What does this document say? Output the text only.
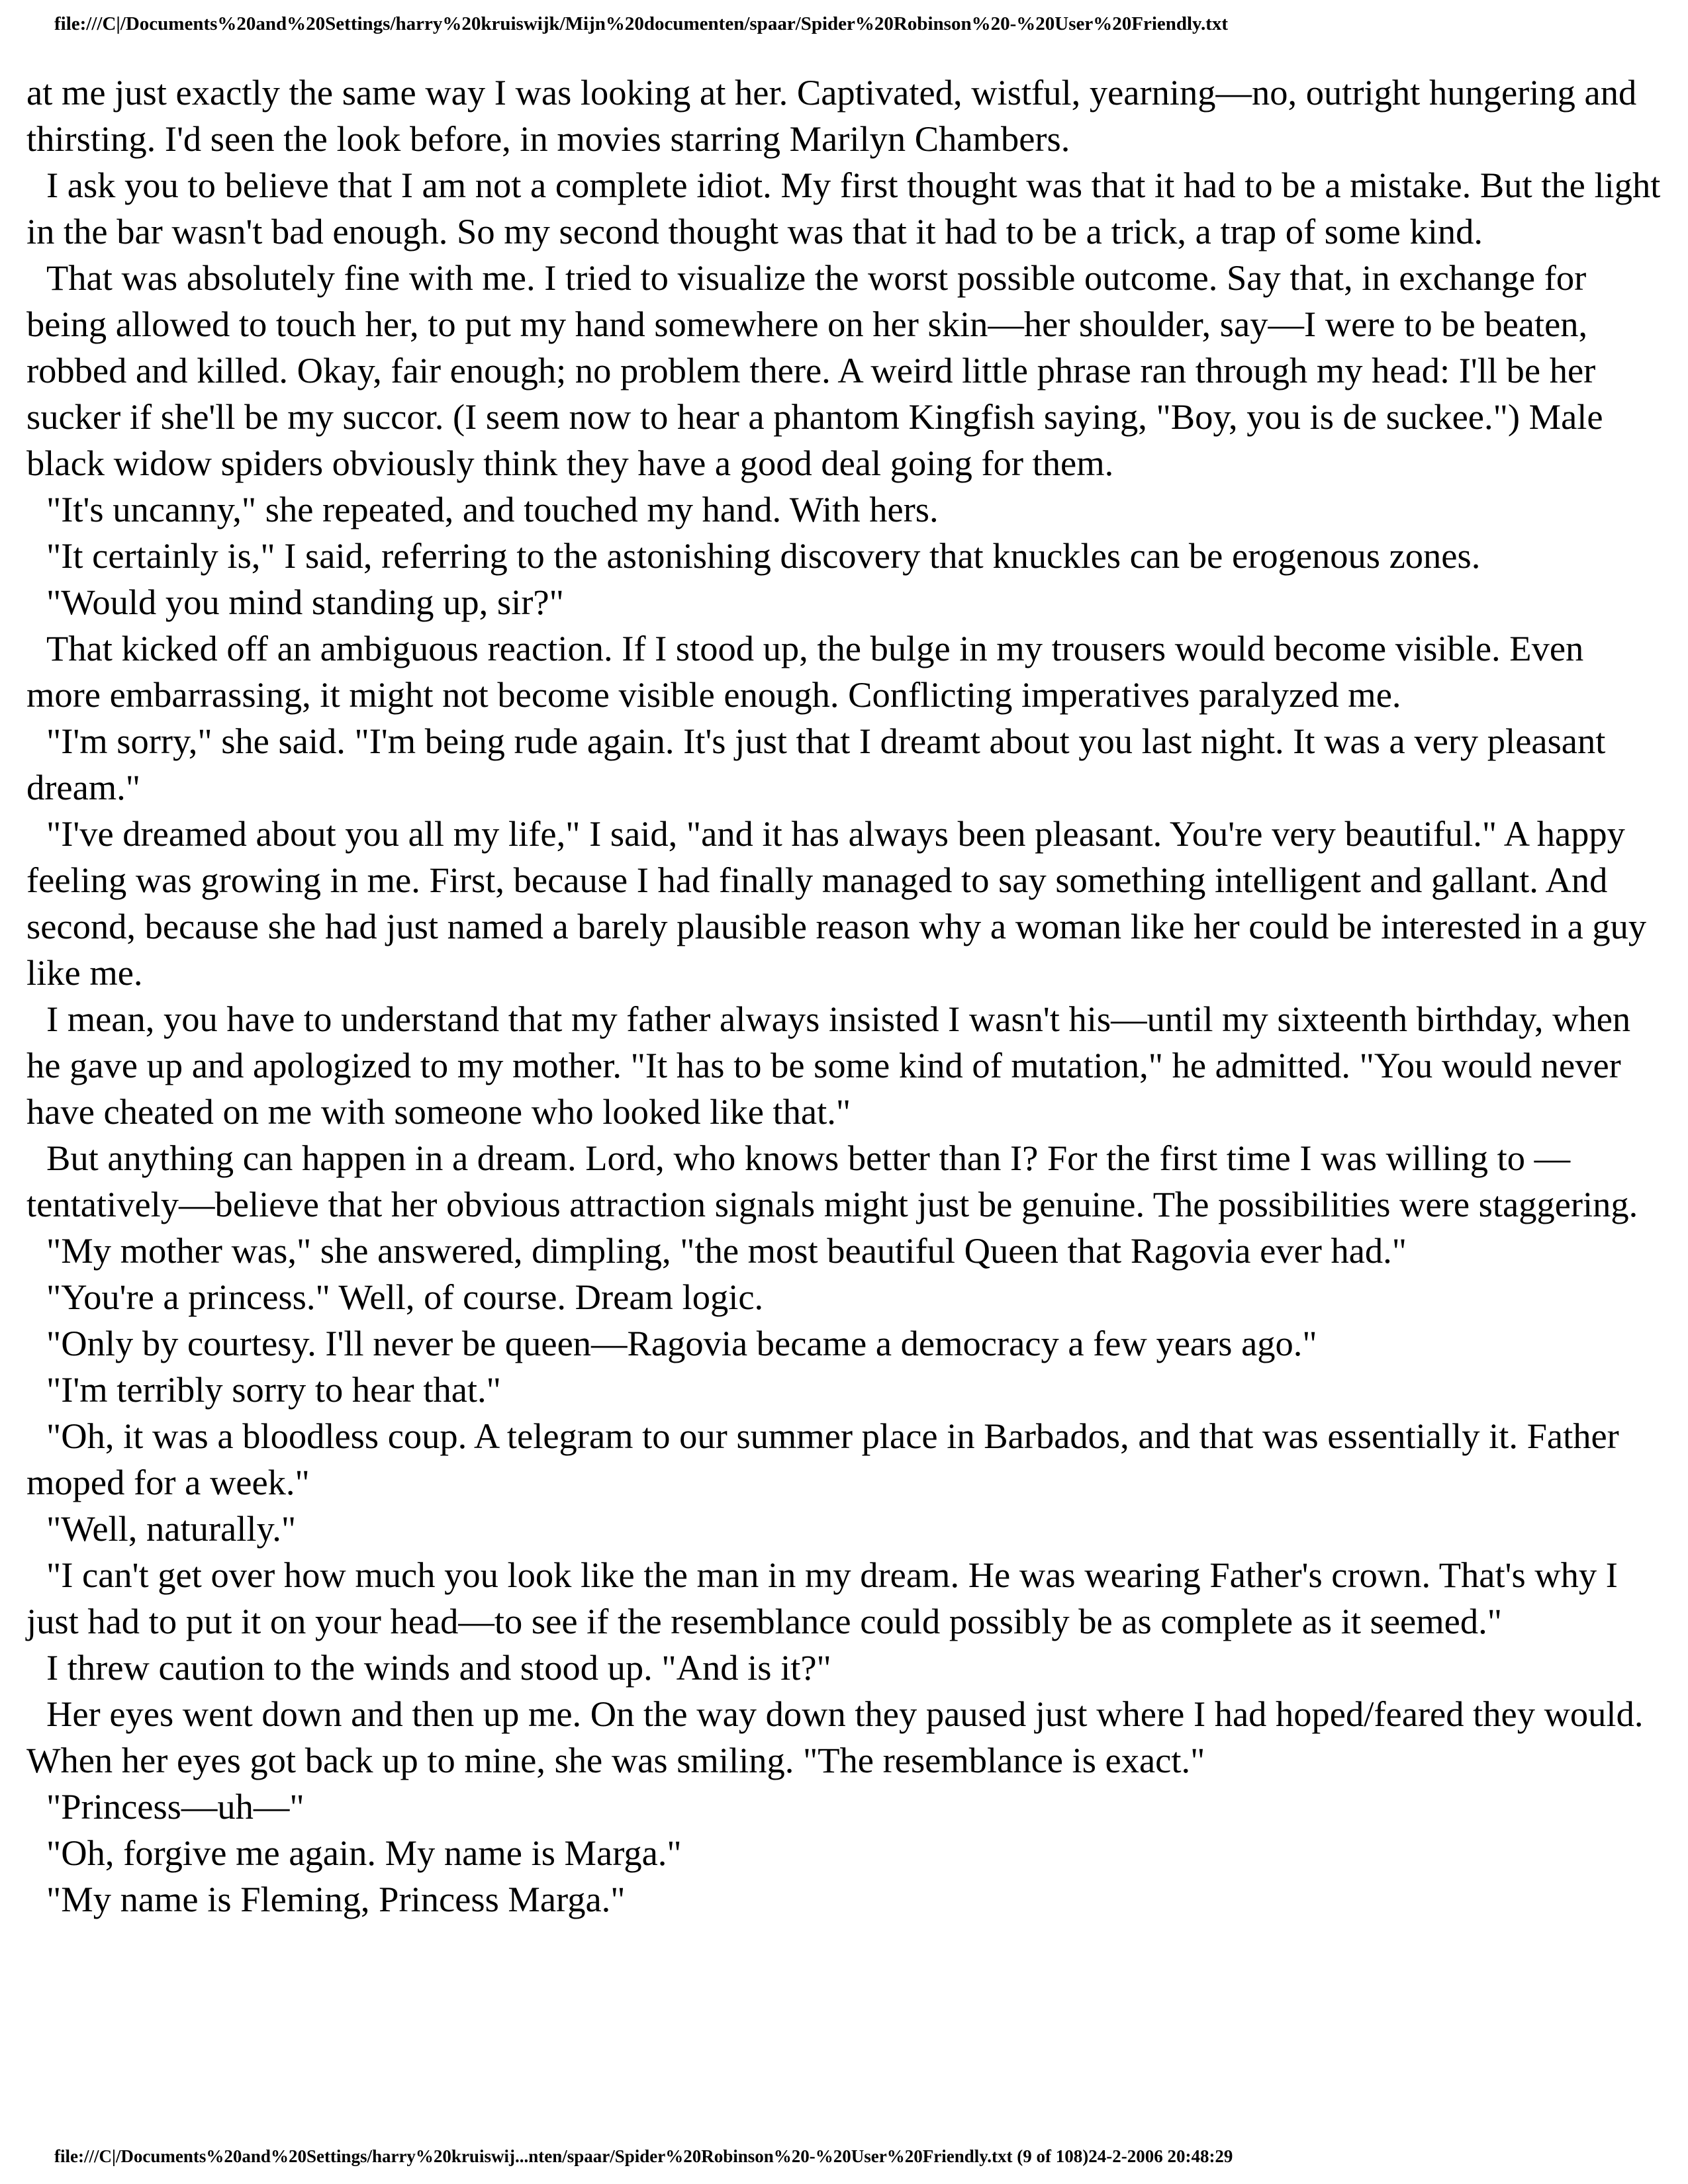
file:///C|/Documents%20and%20Settings/harry%20kruiswijk/Mijn%20documenten/spaar/Spider%20Robinson%20-%20User%20Friendly.txt

at me just exactly the same way I was looking at her. Captivated, wistful, yearning—no, outright hungering and thirsting. I'd seen the look before, in movies starring Marilyn Chambers.

I ask you to believe that I am not a complete idiot. My first thought was that it had to be a mistake. But the light in the bar wasn't bad enough. So my second thought was that it had to be a trick, a trap of some kind.

That was absolutely fine with me. I tried to visualize the worst possible outcome. Say that, in exchange for being allowed to touch her, to put my hand somewhere on her skin—her shoulder, say—I were to be beaten, robbed and killed. Okay, fair enough; no problem there. A weird little phrase ran through my head: I'll be her sucker if she'll be my succor. (I seem now to hear a phantom Kingfish saying, "Boy, you is de suckee.") Male black widow spiders obviously think they have a good deal going for them.

"It's uncanny," she repeated, and touched my hand. With hers.

"It certainly is," I said, referring to the astonishing discovery that knuckles can be erogenous zones.

"Would you mind standing up, sir?"

That kicked off an ambiguous reaction. If I stood up, the bulge in my trousers would become visible. Even more embarrassing, it might not become visible enough. Conflicting imperatives paralyzed me.

"I'm sorry," she said. "I'm being rude again. It's just that I dreamt about you last night. It was a very pleasant dream."

"I've dreamed about you all my life," I said, "and it has always been pleasant. You're very beautiful." A happy feeling was growing in me. First, because I had finally managed to say something intelligent and gallant. And second, because she had just named a barely plausible reason why a woman like her could be interested in a guy like me.

I mean, you have to understand that my father always insisted I wasn't his—until my sixteenth birthday, when he gave up and apologized to my mother. "It has to be some kind of mutation," he admitted. "You would never have cheated on me with someone who looked like that."

But anything can happen in a dream. Lord, who knows better than I? For the first time I was willing to —tentatively—believe that her obvious attraction signals might just be genuine. The possibilities were staggering.

"My mother was," she answered, dimpling, "the most beautiful Queen that Ragovia ever had."

"You're a princess." Well, of course. Dream logic.

"Only by courtesy. I'll never be queen—Ragovia became a democracy a few years ago."

"I'm terribly sorry to hear that."

"Oh, it was a bloodless coup. A telegram to our summer place in Barbados, and that was essentially it. Father moped for a week."

"Well, naturally."

"I can't get over how much you look like the man in my dream. He was wearing Father's crown. That's why I just had to put it on your head—to see if the resemblance could possibly be as complete as it seemed."

I threw caution to the winds and stood up. "And is it?"

Her eyes went down and then up me. On the way down they paused just where I had hoped/feared they would. When her eyes got back up to mine, she was smiling. "The resemblance is exact."

"Princess—uh—"

"Oh, forgive me again. My name is Marga."

"My name is Fleming, Princess Marga."

file:///C|/Documents%20and%20Settings/harry%20kruiswij...nten/spaar/Spider%20Robinson%20-%20User%20Friendly.txt (9 of 108)24-2-2006 20:48:29
